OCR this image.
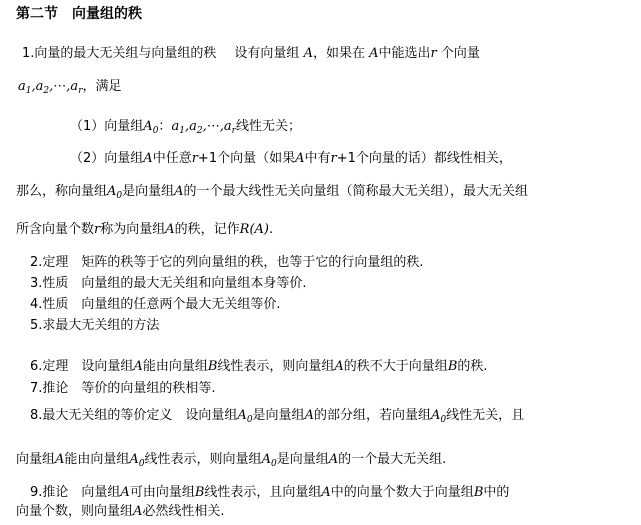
第二节　向量组的秩
1.向量的最大无关组与向量组的秩 设有向量组 A，如果在 A中能选出r 个向量
$a_1,a_2,\cdots,a_r$，满足
（1）向量组$A_0$：$a_1,a_2,\cdots,a_r$线性无关；
（2）向量组A中任意r+1个向量（如果A中有r+1个向量的话）都线性相关，
那么，称向量组$A_0$是向量组A的一个最大线性无关向量组（简称最大无关组），最大无关组
所含向量个数r称为向量组A的秩，记作R(A).
2.定理　矩阵的秩等于它的列向量组的秩，也等于它的行向量组的秩.
3.性质　向量组的最大无关组和向量组本身等价.
4.性质　向量组的任意两个最大无关组等价.
5.求最大无关组的方法
6.定理　设向量组A能由向量组B线性表示，则向量组A的秩不大于向量组B的秩.
7.推论　等价的向量组的秩相等.
8.最大无关组的等价定义　设向量组$A_0$是向量组A的部分组，若向量组$A_0$线性无关，且
向量组A能由向量组$A_0$线性表示，则向量组$A_0$是向量组A的一个最大无关组.
9.推论　向量组A可由向量组B线性表示，且向量组A中的向量个数大于向量组B中的
向量个数，则向量组A必然线性相关.
